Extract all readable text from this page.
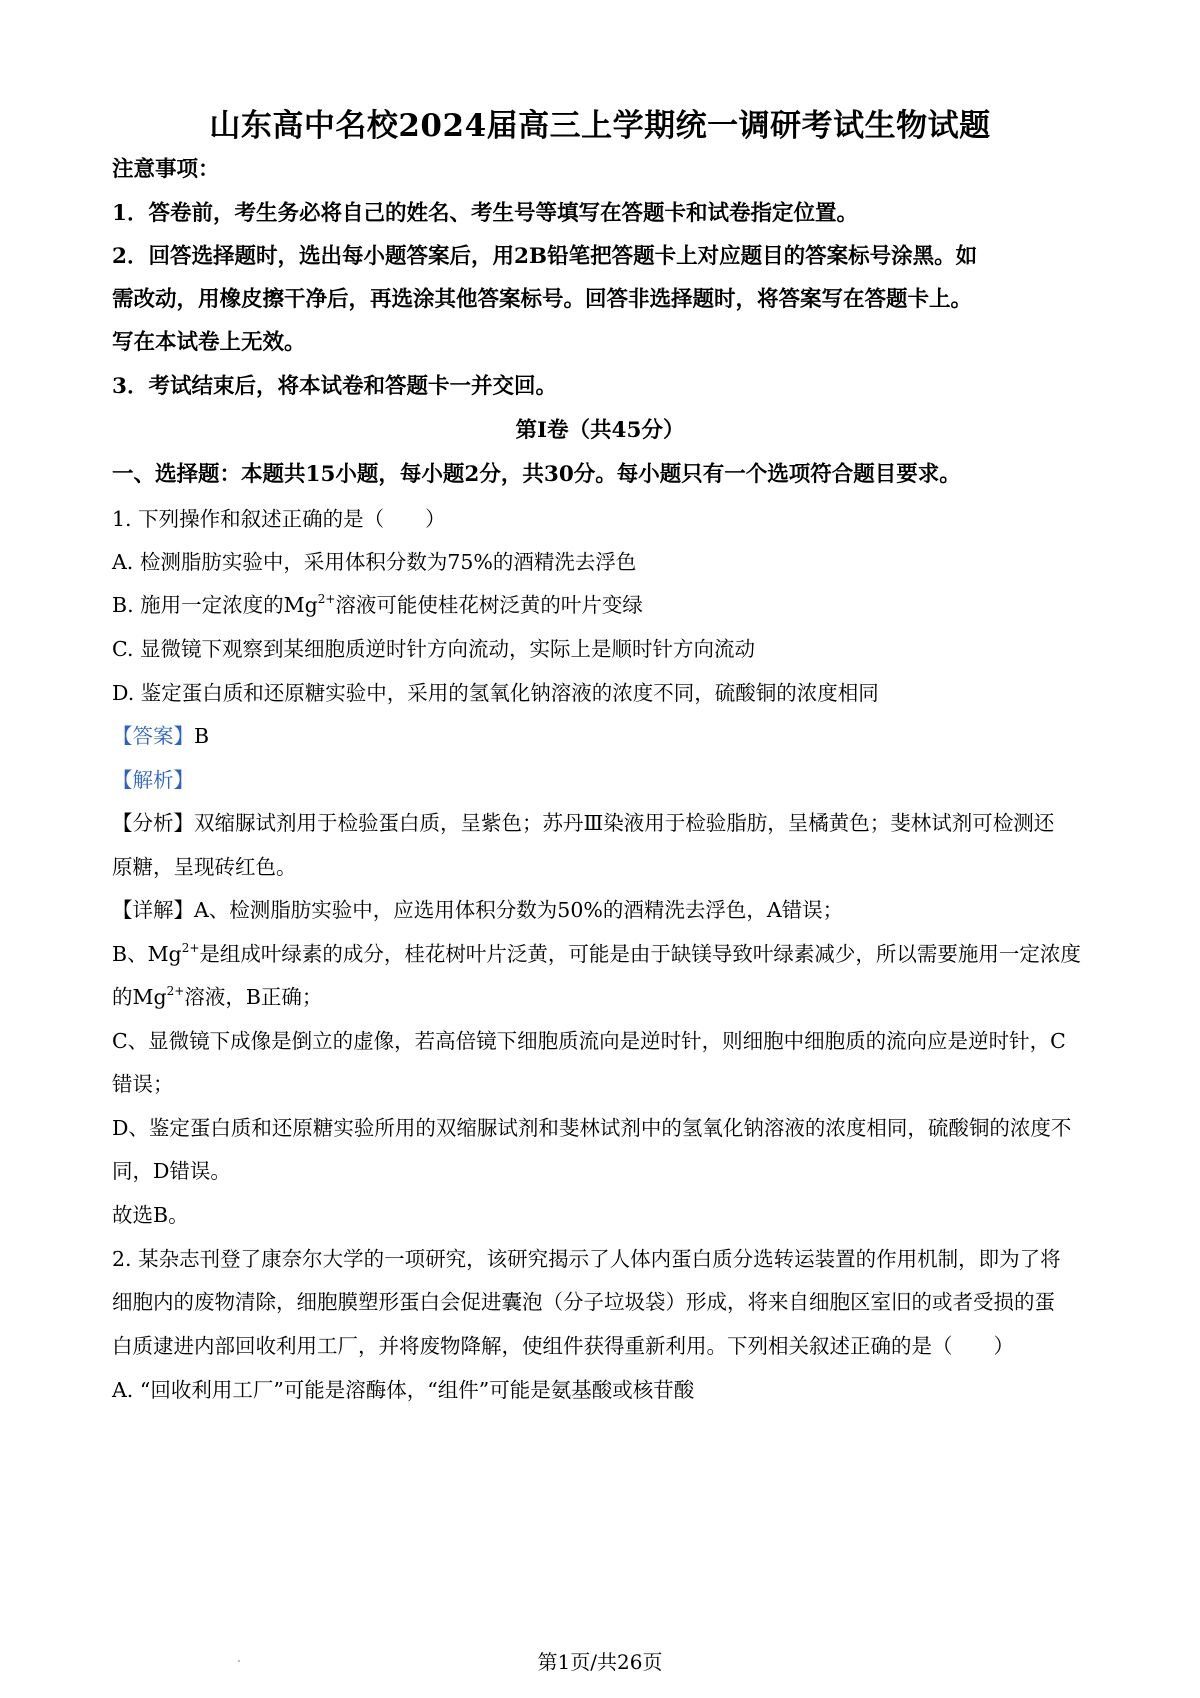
山东高中名校2024届高三上学期统一调研考试生物试题
注意事项：
1．答卷前，考生务必将自己的姓名、考生号等填写在答题卡和试卷指定位置。
2．回答选择题时，选出每小题答案后，用2B铅笔把答题卡上对应题目的答案标号涂黑。如
需改动，用橡皮擦干净后，再选涂其他答案标号。回答非选择题时，将答案写在答题卡上。
写在本试卷上无效。
3．考试结束后，将本试卷和答题卡一并交回。
第I卷（共45分）
一、选择题：本题共15小题，每小题2分，共30分。每小题只有一个选项符合题目要求。
1. 下列操作和叙述正确的是（　　）
A. 检测脂肪实验中，采用体积分数为75%的酒精洗去浮色
B. 施用一定浓度的$Mg^{2+}$溶液可能使桂花树泛黄的叶片变绿
C. 显微镜下观察到某细胞质逆时针方向流动，实际上是顺时针方向流动
D. 鉴定蛋白质和还原糖实验中，采用的氢氧化钠溶液的浓度不同，硫酸铜的浓度相同
【答案】B
【解析】
【分析】双缩脲试剂用于检验蛋白质，呈紫色；苏丹Ⅲ染液用于检验脂肪，呈橘黄色；斐林试剂可检测还
原糖，呈现砖红色。
【详解】A、检测脂肪实验中，应选用体积分数为50%的酒精洗去浮色，A错误；
B、$Mg^{2+}$是组成叶绿素的成分，桂花树叶片泛黄，可能是由于缺镁导致叶绿素减少，所以需要施用一定浓度
的$Mg^{2+}$溶液，B正确；
C、显微镜下成像是倒立的虚像，若高倍镜下细胞质流向是逆时针，则细胞中细胞质的流向应是逆时针，C
错误；
D、鉴定蛋白质和还原糖实验所用的双缩脲试剂和斐林试剂中的氢氧化钠溶液的浓度相同，硫酸铜的浓度不
同，D错误。
故选B。
2. 某杂志刊登了康奈尔大学的一项研究，该研究揭示了人体内蛋白质分选转运装置的作用机制，即为了将
细胞内的废物清除，细胞膜塑形蛋白会促进囊泡（分子垃圾袋）形成，将来自细胞区室旧的或者受损的蛋
白质逮进内部回收利用工厂，并将废物降解，使组件获得重新利用。下列相关叙述正确的是（　　）
A. “回收利用工厂”可能是溶酶体，“组件”可能是氨基酸或核苷酸
第1页/共26页
